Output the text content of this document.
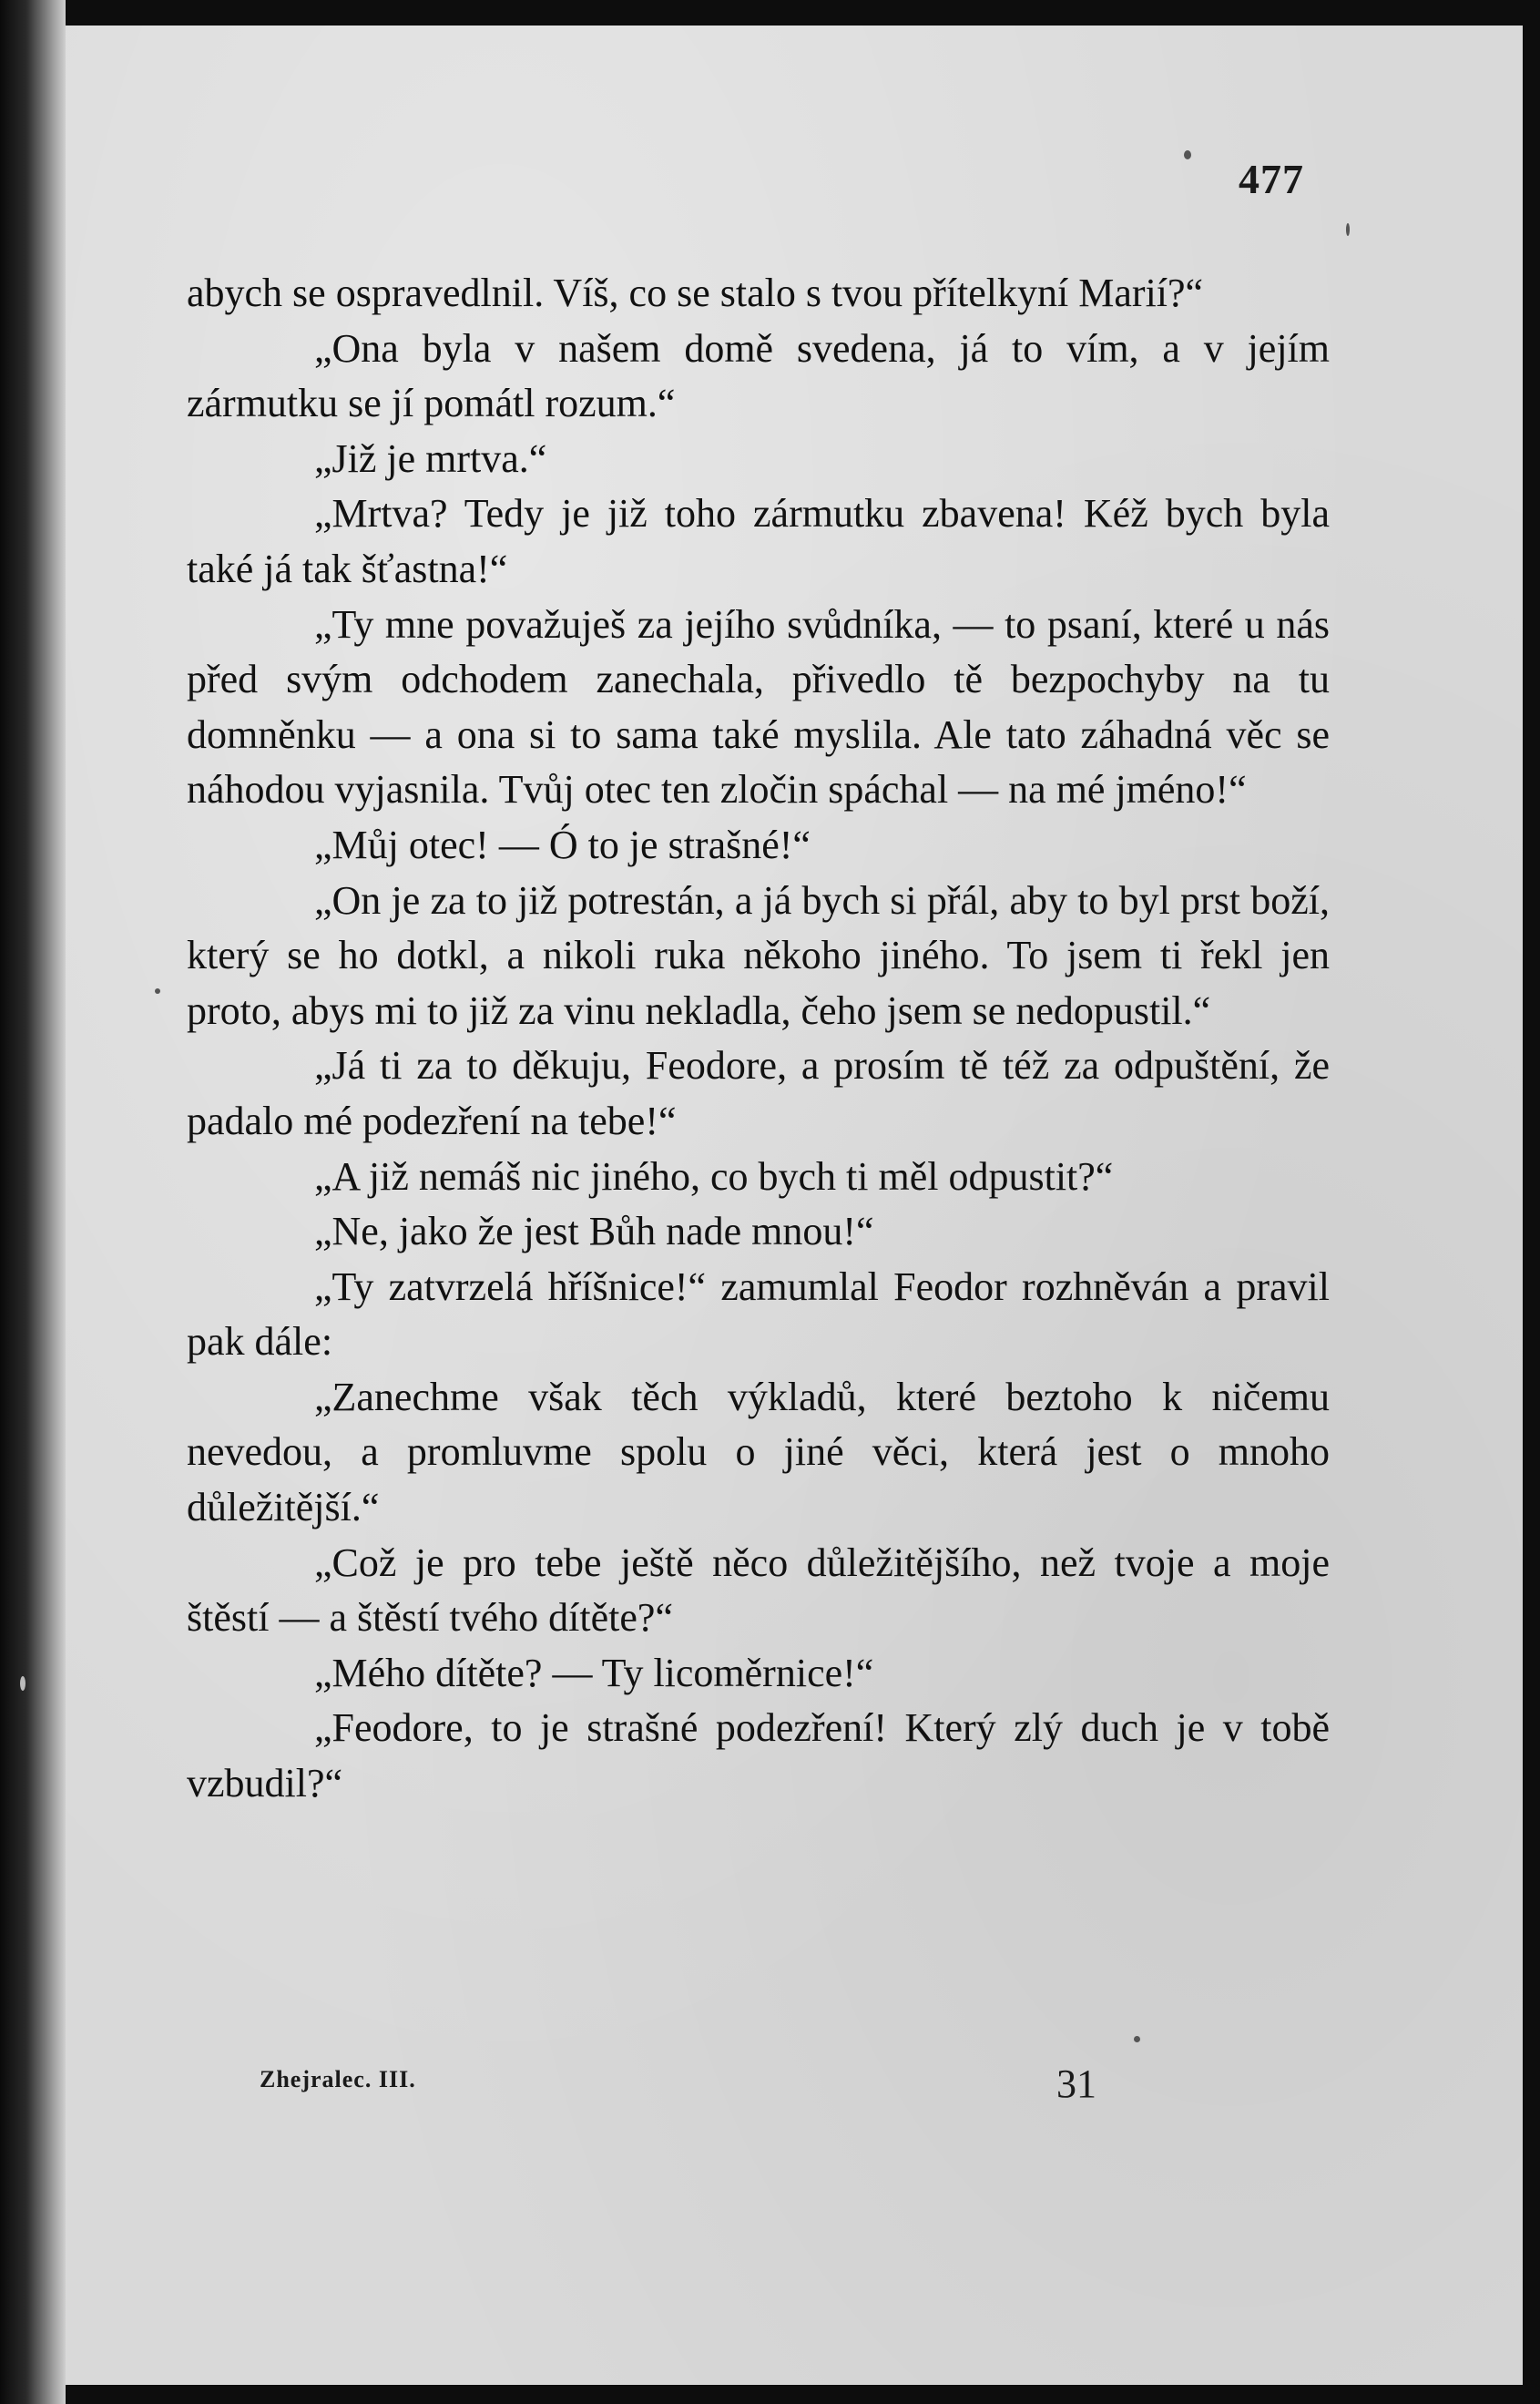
477

abych se ospravedlnil. Víš, co se stalo s tvou přítelkyní Marií?“

„Ona byla v našem domě svedena, já to vím, a v jejím zármutku se jí pomátl rozum.“

„Již je mrtva.“

„Mrtva? Tedy je již toho zármutku zbavena! Kéž bych byla také já tak šťastna!“

„Ty mne považuješ za jejího svůdníka, — to psaní, které u nás před svým odchodem zanechala, přivedlo tě bezpochyby na tu domněnku — a ona si to sama také myslila. Ale tato záhadná věc se náhodou vyjasnila. Tvůj otec ten zločin spáchal — na mé jméno!“

„Můj otec! — Ó to je strašné!“

„On je za to již potrestán, a já bych si přál, aby to byl prst boží, který se ho dotkl, a nikoli ruka někoho jiného. To jsem ti řekl jen proto, abys mi to již za vinu nekladla, čeho jsem se nedopustil.“

„Já ti za to děkuju, Feodore, a prosím tě též za odpuštění, že padalo mé podezření na tebe!“

„A již nemáš nic jiného, co bych ti měl odpustit?“

„Ne, jako že jest Bůh nade mnou!“

„Ty zatvrzelá hříšnice!“ zamumlal Feodor rozhněván a pravil pak dále:

„Zanechme však těch výkladů, které beztoho k ničemu nevedou, a promluvme spolu o jiné věci, která jest o mnoho důležitější.“

„Což je pro tebe ještě něco důležitějšího, než tvoje a moje štěstí — a štěstí tvého dítěte?“

„Mého dítěte? — Ty licoměrnice!“

„Feodore, to je strašné podezření! Který zlý duch je v tobě vzbudil?“

Zhejralec. III.	31
